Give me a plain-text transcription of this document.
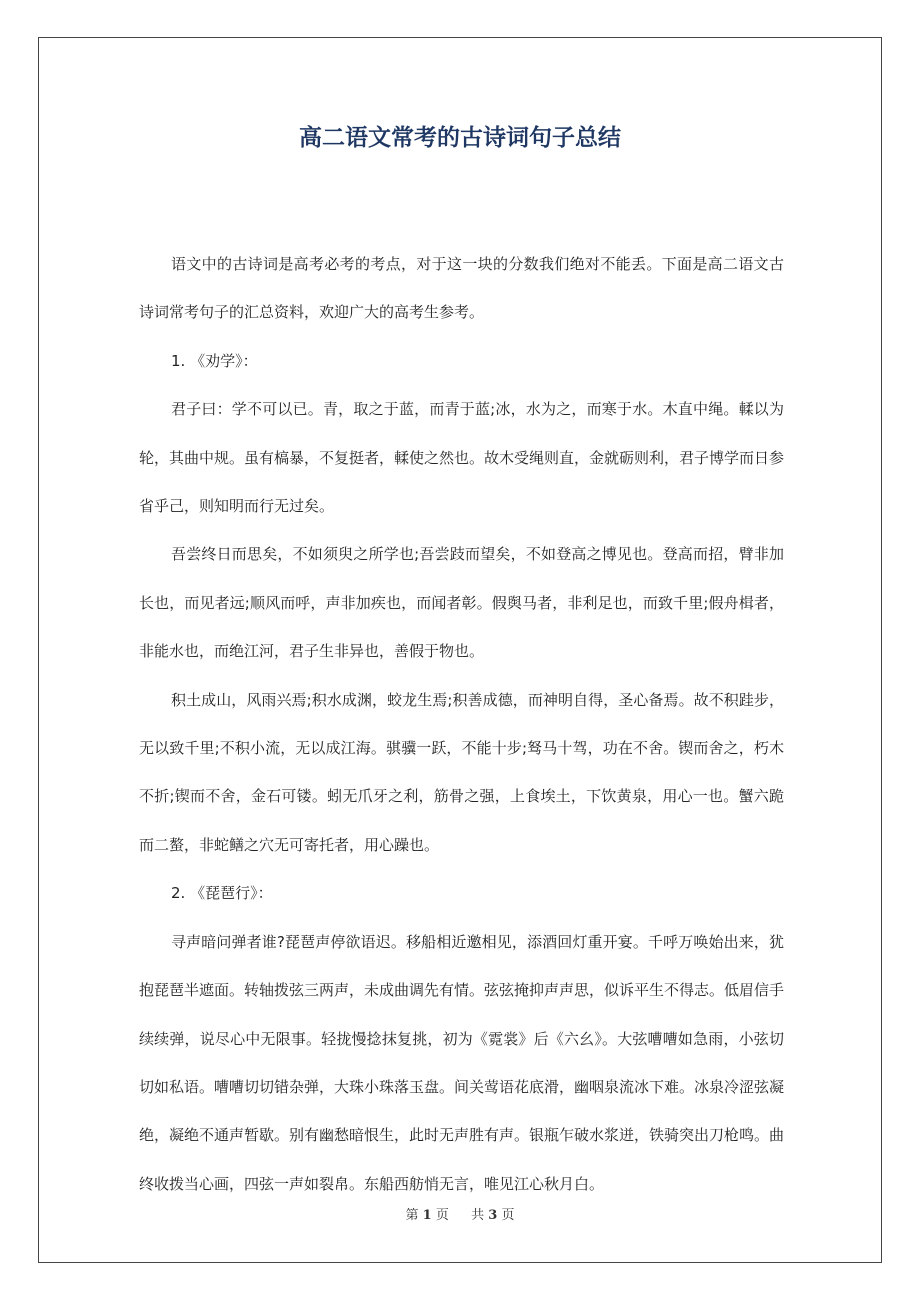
高二语文常考的古诗词句子总结

语文中的古诗词是高考必考的考点，对于这一块的分数我们绝对不能丢。下面是高二语文古诗词常考句子的汇总资料，欢迎广大的高考生参考。

1. 《劝学》：

君子曰：学不可以已。青，取之于蓝，而青于蓝;冰，水为之，而寒于水。木直中绳。輮以为轮，其曲中规。虽有槁暴，不复挺者，輮使之然也。故木受绳则直，金就砺则利，君子博学而日参省乎己，则知明而行无过矣。

吾尝终日而思矣，不如须臾之所学也;吾尝跂而望矣，不如登高之博见也。登高而招，臂非加长也，而见者远;顺风而呼，声非加疾也，而闻者彰。假舆马者，非利足也，而致千里;假舟楫者，非能水也，而绝江河，君子生非异也，善假于物也。

积土成山，风雨兴焉;积水成渊，蛟龙生焉;积善成德，而神明自得，圣心备焉。故不积跬步，无以致千里;不积小流，无以成江海。骐骥一跃，不能十步;驽马十驾，功在不舍。锲而舍之，朽木不折;锲而不舍，金石可镂。蚓无爪牙之利，筋骨之强，上食埃土，下饮黄泉，用心一也。蟹六跪而二螯，非蛇鳝之穴无可寄托者，用心躁也。

2. 《琵琶行》：

寻声暗问弹者谁?琵琶声停欲语迟。移船相近邀相见，添酒回灯重开宴。千呼万唤始出来，犹抱琵琶半遮面。转轴拨弦三两声，未成曲调先有情。弦弦掩抑声声思，似诉平生不得志。低眉信手续续弹，说尽心中无限事。轻拢慢捻抹复挑，初为《霓裳》后《六幺》。大弦嘈嘈如急雨，小弦切切如私语。嘈嘈切切错杂弹，大珠小珠落玉盘。间关莺语花底滑，幽咽泉流冰下难。冰泉冷涩弦凝绝，凝绝不通声暂歇。别有幽愁暗恨生，此时无声胜有声。银瓶乍破水浆迸，铁骑突出刀枪鸣。曲终收拨当心画，四弦一声如裂帛。东船西舫悄无言，唯见江心秋月白。

第 1 页 共 3 页
